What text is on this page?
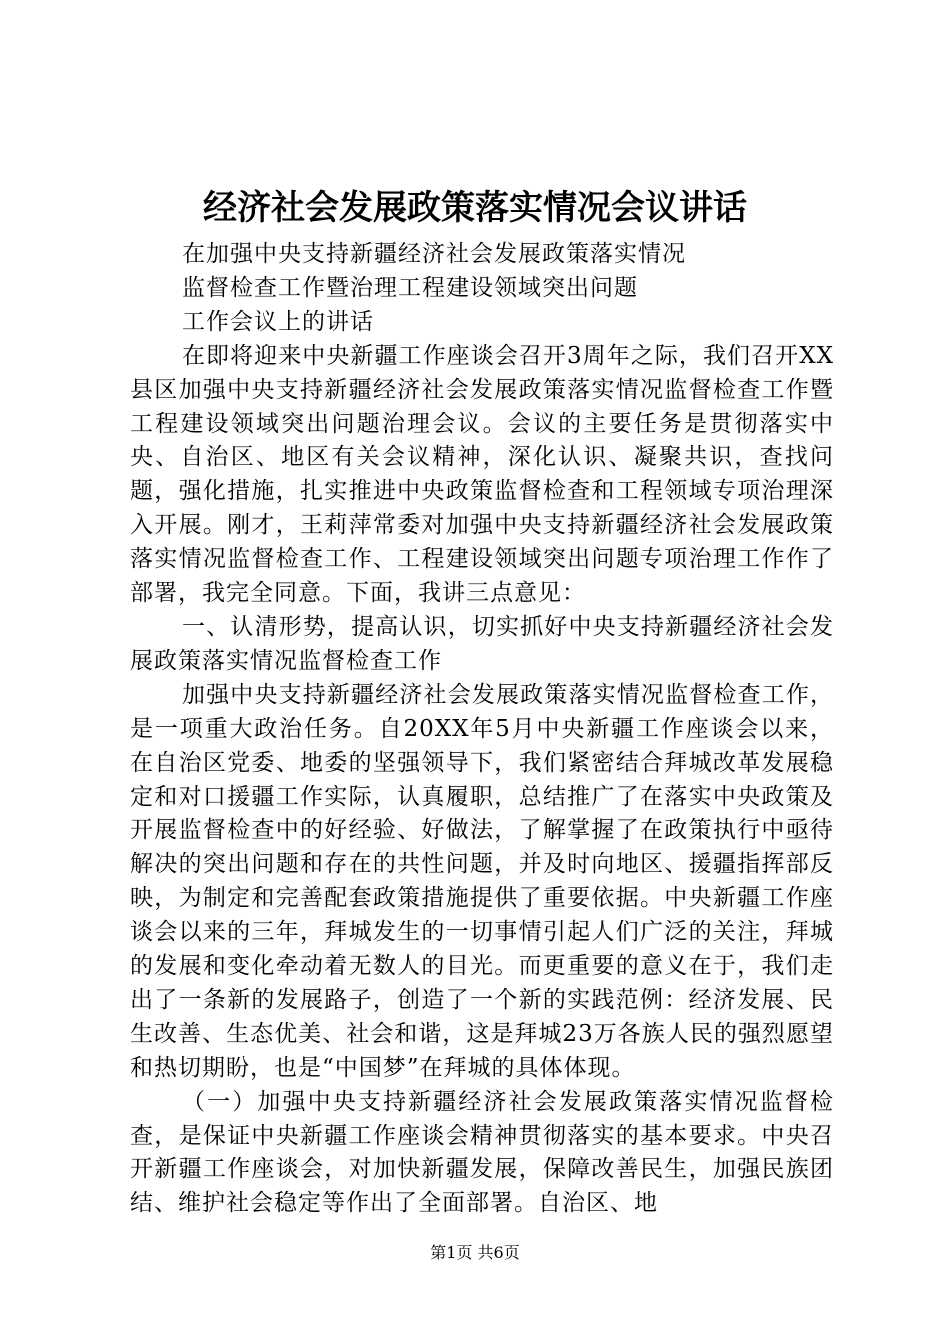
经济社会发展政策落实情况会议讲话

在加强中央支持新疆经济社会发展政策落实情况

监督检查工作暨治理工程建设领域突出问题

工作会议上的讲话

在即将迎来中央新疆工作座谈会召开3周年之际，我们召开XX县区加强中央支持新疆经济社会发展政策落实情况监督检查工作暨工程建设领域突出问题治理会议。会议的主要任务是贯彻落实中央、自治区、地区有关会议精神，深化认识、凝聚共识，查找问题，强化措施，扎实推进中央政策监督检查和工程领域专项治理深入开展。刚才，王莉萍常委对加强中央支持新疆经济社会发展政策落实情况监督检查工作、工程建设领域突出问题专项治理工作作了部署，我完全同意。下面，我讲三点意见：

一、认清形势，提高认识，切实抓好中央支持新疆经济社会发展政策落实情况监督检查工作

加强中央支持新疆经济社会发展政策落实情况监督检查工作，是一项重大政治任务。自20XX年5月中央新疆工作座谈会以来，在自治区党委、地委的坚强领导下，我们紧密结合拜城改革发展稳定和对口援疆工作实际，认真履职，总结推广了在落实中央政策及开展监督检查中的好经验、好做法，了解掌握了在政策执行中亟待解决的突出问题和存在的共性问题，并及时向地区、援疆指挥部反映，为制定和完善配套政策措施提供了重要依据。中央新疆工作座谈会以来的三年，拜城发生的一切事情引起人们广泛的关注，拜城的发展和变化牵动着无数人的目光。而更重要的意义在于，我们走出了一条新的发展路子，创造了一个新的实践范例：经济发展、民生改善、生态优美、社会和谐，这是拜城23万各族人民的强烈愿望和热切期盼，也是“中国梦”在拜城的具体体现。

（一）加强中央支持新疆经济社会发展政策落实情况监督检查，是保证中央新疆工作座谈会精神贯彻落实的基本要求。中央召开新疆工作座谈会，对加快新疆发展，保障改善民生，加强民族团结、维护社会稳定等作出了全面部署。自治区、地

第1页 共6页
